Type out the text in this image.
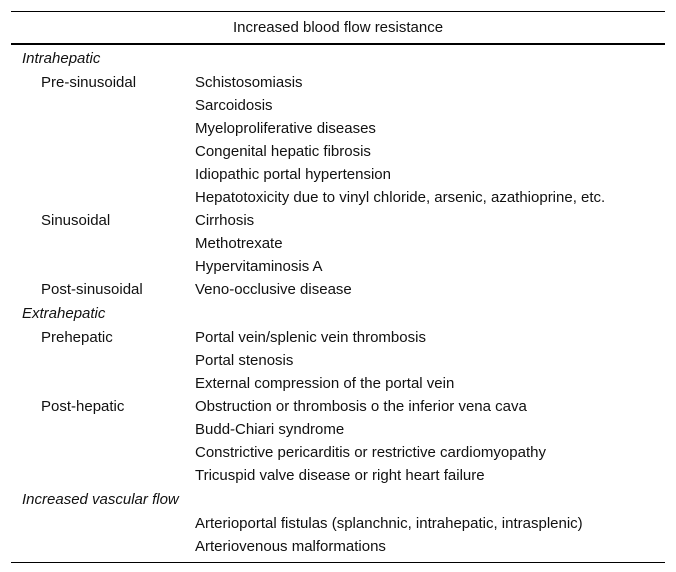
Increased blood flow resistance
Intrahepatic
Pre-sinusoidal	Schistosomiasis
Sarcoidosis
Myeloproliferative diseases
Congenital hepatic fibrosis
Idiopathic portal hypertension
Hepatotoxicity due to vinyl chloride, arsenic, azathioprine, etc.
Sinusoidal	Cirrhosis
Methotrexate
Hypervitaminosis A
Post-sinusoidal	Veno-occlusive disease
Extrahepatic
Prehepatic	Portal vein/splenic vein thrombosis
Portal stenosis
External compression of the portal vein
Post-hepatic	Obstruction or thrombosis o the inferior vena cava
Budd-Chiari syndrome
Constrictive pericarditis or restrictive cardiomyopathy
Tricuspid valve disease or right heart failure
Increased vascular flow
Arterioportal fistulas (splanchnic, intrahepatic, intrasplenic)
Arteriovenous malformations
